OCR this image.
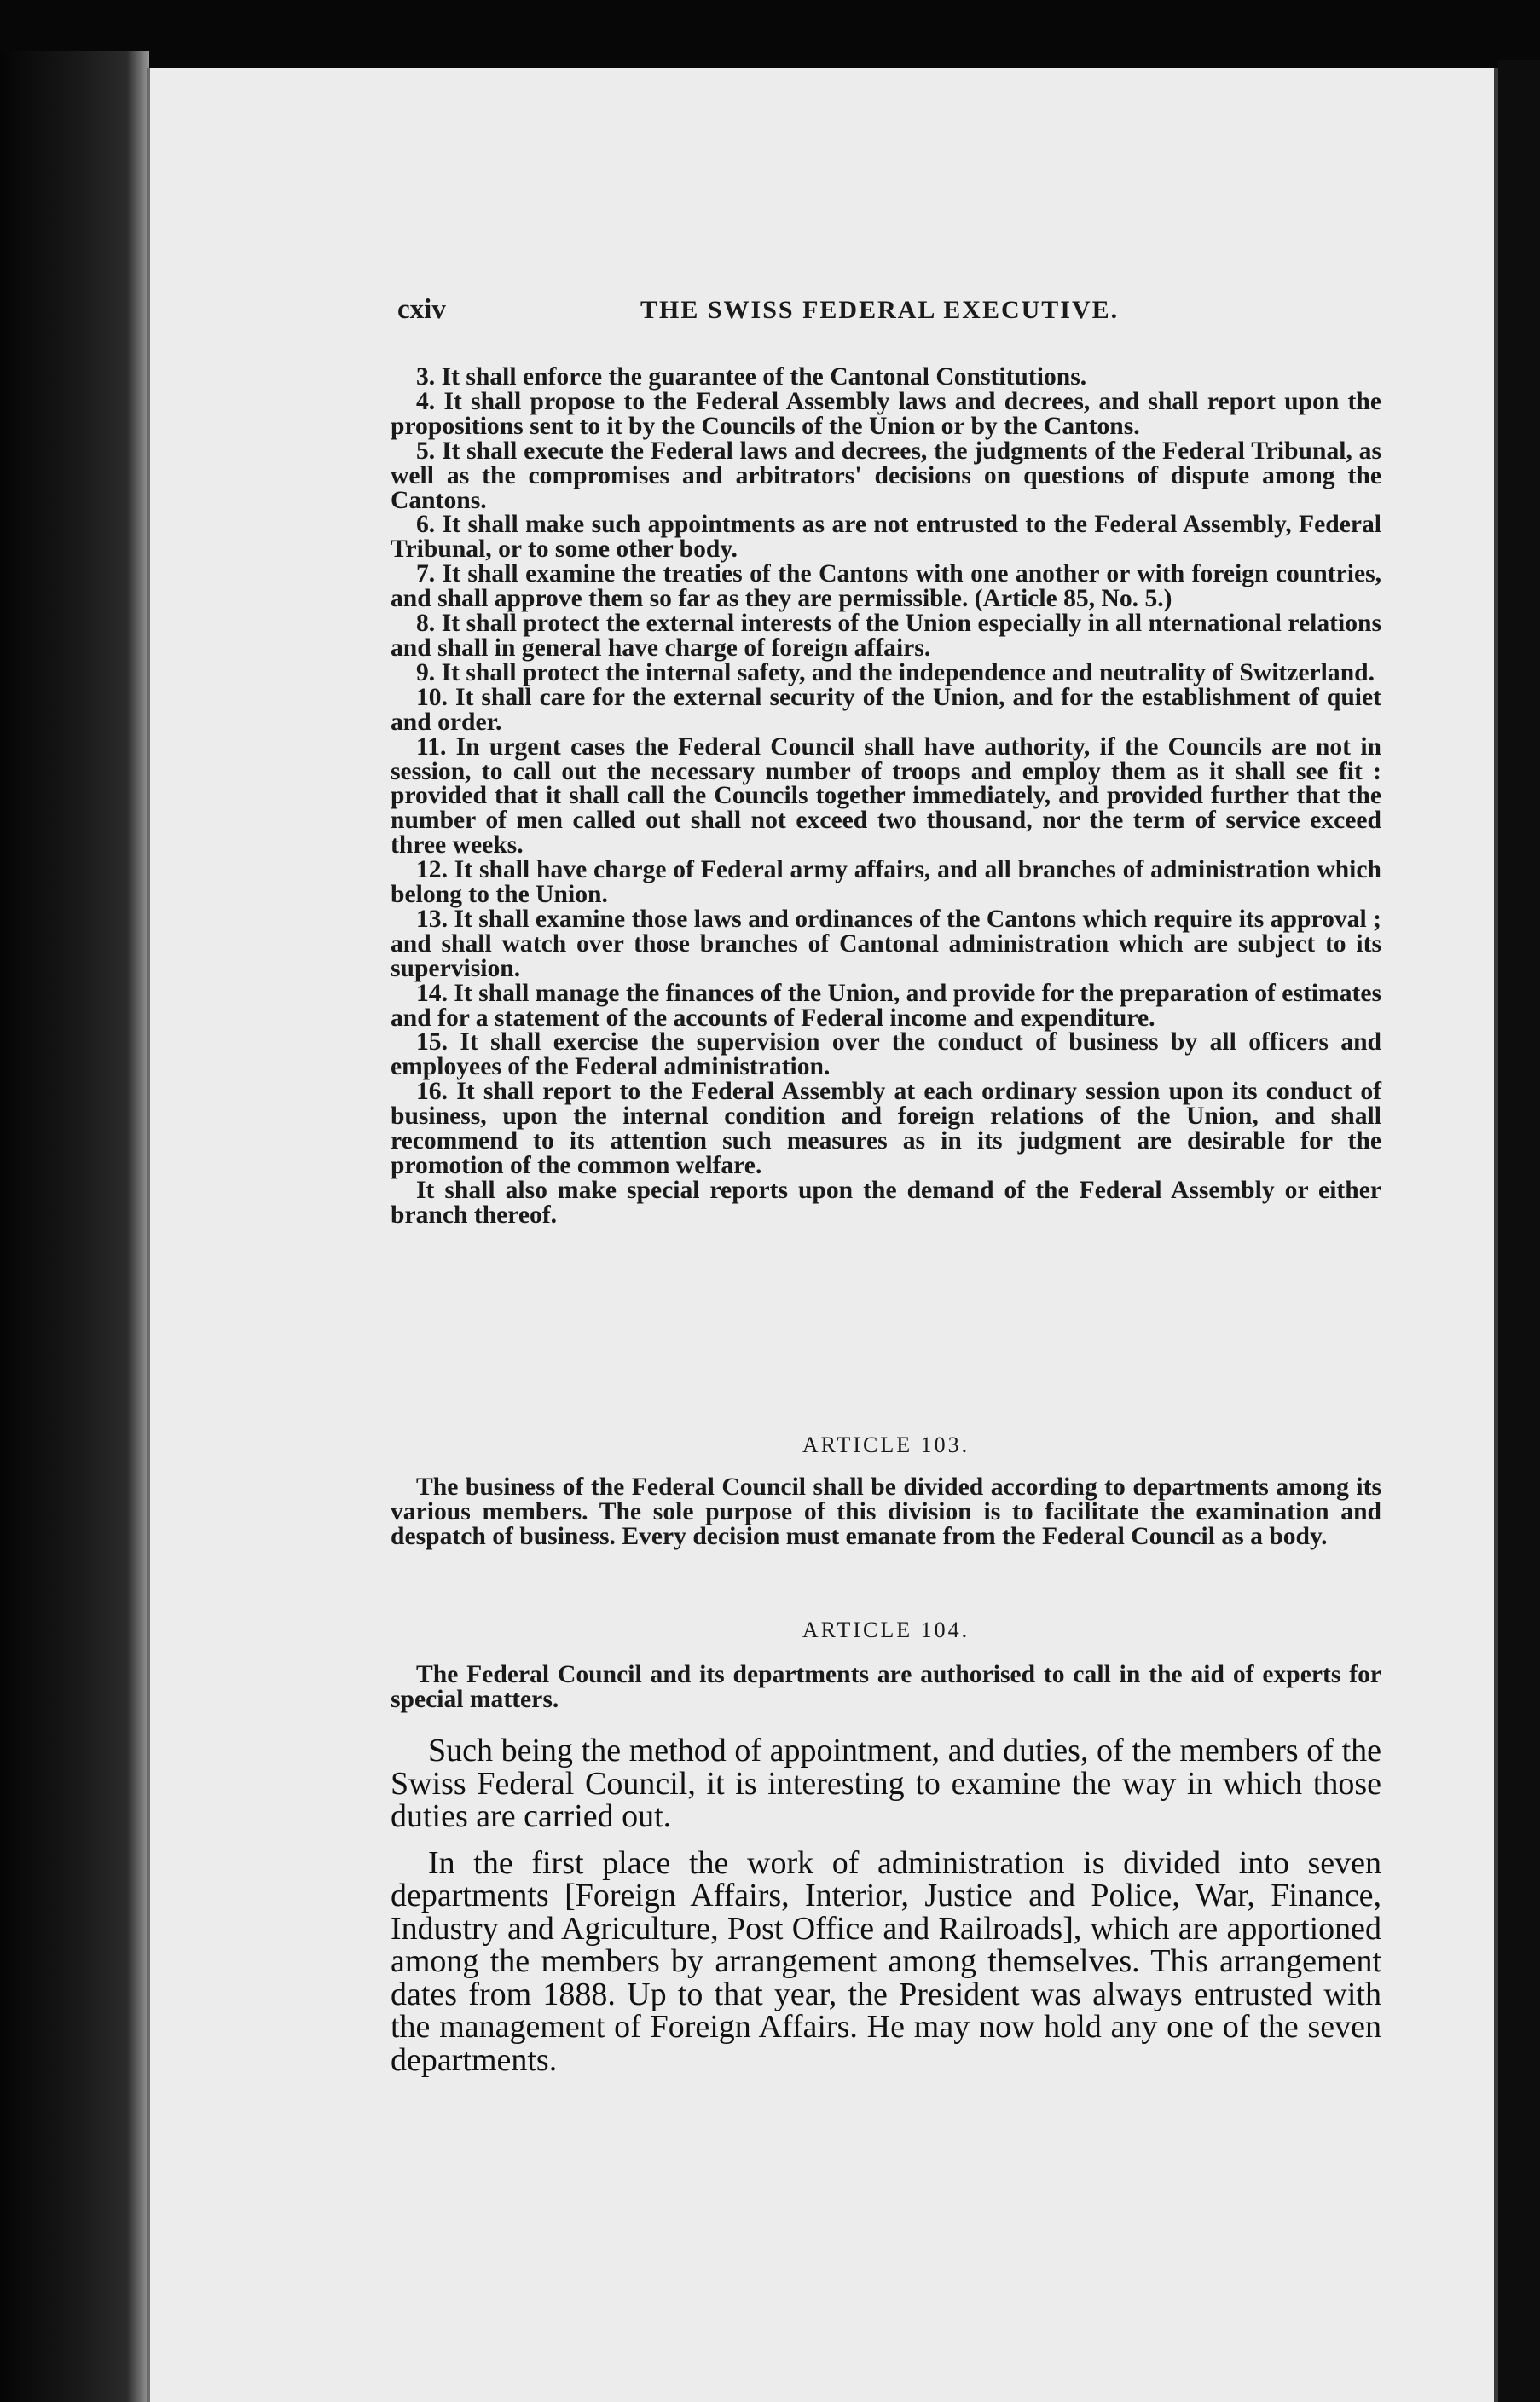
cxiv	THE SWISS FEDERAL EXECUTIVE.

3. It shall enforce the guarantee of the Cantonal Constitutions.

4. It shall propose to the Federal Assembly laws and decrees, and shall report upon the propositions sent to it by the Councils of the Union or by the Cantons.

5. It shall execute the Federal laws and decrees, the judgments of the Federal Tribunal, as well as the compromises and arbitrators' decisions on questions of dispute among the Cantons.

6. It shall make such appointments as are not entrusted to the Federal Assembly, Federal Tribunal, or to some other body.

7. It shall examine the treaties of the Cantons with one another or with foreign countries, and shall approve them so far as they are permissible. (Article 85, No. 5.)

8. It shall protect the external interests of the Union especially in all nternational relations and shall in general have charge of foreign affairs.

9. It shall protect the internal safety, and the independence and neutrality of Switzerland.

10. It shall care for the external security of the Union, and for the establishment of quiet and order.

11. In urgent cases the Federal Council shall have authority, if the Councils are not in session, to call out the necessary number of troops and employ them as it shall see fit : provided that it shall call the Councils together immediately, and provided further that the number of men called out shall not exceed two thousand, nor the term of service exceed three weeks.

12. It shall have charge of Federal army affairs, and all branches of administration which belong to the Union.

13. It shall examine those laws and ordinances of the Cantons which require its approval ; and shall watch over those branches of Cantonal administration which are subject to its supervision.

14. It shall manage the finances of the Union, and provide for the preparation of estimates and for a statement of the accounts of Federal income and expenditure.

15. It shall exercise the supervision over the conduct of business by all officers and employees of the Federal administration.

16. It shall report to the Federal Assembly at each ordinary session upon its conduct of business, upon the internal condition and foreign relations of the Union, and shall recommend to its attention such measures as in its judgment are desirable for the promotion of the common welfare.

It shall also make special reports upon the demand of the Federal Assembly or either branch thereof.

ARTICLE 103.

The business of the Federal Council shall be divided according to departments among its various members. The sole purpose of this division is to facilitate the examination and despatch of business. Every decision must emanate from the Federal Council as a body.

ARTICLE 104.

The Federal Council and its departments are authorised to call in the aid of experts for special matters.

Such being the method of appointment, and duties, of the members of the Swiss Federal Council, it is interesting to examine the way in which those duties are carried out.

In the first place the work of administration is divided into seven departments [Foreign Affairs, Interior, Justice and Police, War, Finance, Industry and Agriculture, Post Office and Railroads], which are apportioned among the members by arrangement among themselves. This arrangement dates from 1888. Up to that year, the President was always entrusted with the management of Foreign Affairs. He may now hold any one of the seven departments.
